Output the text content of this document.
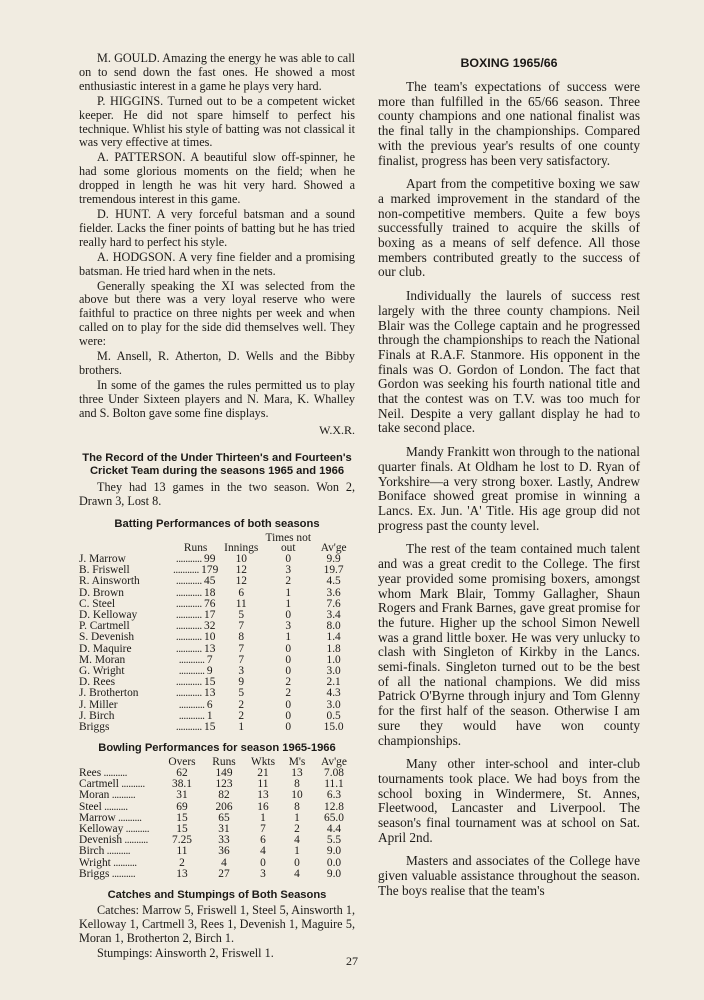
M. GOULD. Amazing the energy he was able to call on to send down the fast ones. He showed a most enthusiastic interest in a game he plays very hard.

P. HIGGINS. Turned out to be a competent wicket keeper. He did not spare himself to perfect his technique. Whlist his style of batting was not classical it was very effective at times.

A. PATTERSON. A beautiful slow off-spinner, he had some glorious moments on the field; when he dropped in length he was hit very hard. Showed a tremendous interest in this game.

D. HUNT. A very forceful batsman and a sound fielder. Lacks the finer points of batting but he has tried really hard to perfect his style.

A. HODGSON. A very fine fielder and a promising batsman. He tried hard when in the nets.

Generally speaking the XI was selected from the above but there was a very loyal reserve who were faithful to practice on three nights per week and when called on to play for the side did themselves well. They were:

M. Ansell, R. Atherton, D. Wells and the Bibby brothers.

In some of the games the rules permitted us to play three Under Sixteen players and N. Mara, K. Whalley and S. Bolton gave some fine displays.

W.X.R.
The Record of the Under Thirteen's and Fourteen's Cricket Team during the seasons 1965 and 1966

They had 13 games in the two season. Won 2, Drawn 3, Lost 8.

Batting Performances of both seasons
	Runs	Innings	Times not out	Av'ge
J. Marrow	........... 99	10	0	9.9
B. Friswell	........... 179	12	3	19.7
R. Ainsworth	........... 45	12	2	4.5
D. Brown	........... 18	6	1	3.6
C. Steel	........... 76	11	1	7.6
D. Kelloway	........... 17	5	0	3.4
P. Cartmell	........... 32	7	3	8.0
S. Devenish	........... 10	8	1	1.4
D. Maquire	........... 13	7	0	1.8
M. Moran	........... 7	7	0	1.0
G. Wright	........... 9	3	0	3.0
D. Rees	........... 15	9	2	2.1
J. Brotherton	........... 13	5	2	4.3
J. Miller	........... 6	2	0	3.0
J. Birch	........... 1	2	0	0.5
Briggs	........... 15	1	0	15.0
Bowling Performances for season 1965-1966
	Overs	Runs	Wkts	M's	Av'ge
Rees ..........	62	149	21	13	7.08
Cartmell ..........	38.1	123	11	8	11.1
Moran ..........	31	82	13	10	6.3
Steel ..........	69	206	16	8	12.8
Marrow ..........	15	65	1	1	65.0
Kelloway ..........	15	31	7	2	4.4
Devenish ..........	7.25	33	6	4	5.5
Birch ..........	11	36	4	1	9.0
Wright ..........	2	4	0	0	0.0
Briggs ..........	13	27	3	4	9.0
Catches and Stumpings of Both Seasons

Catches: Marrow 5, Friswell 1, Steel 5, Ainsworth 1, Kelloway 1, Cartmell 3, Rees 1, Devenish 1, Maguire 5, Moran 1, Brotherton 2, Birch 1.

Stumpings: Ainsworth 2, Friswell 1.

BOXING 1965/66

The team's expectations of success were more than fulfilled in the 65/66 season. Three county champions and one national finalist was the final tally in the championships. Compared with the previous year's results of one county finalist, progress has been very satisfactory.

Apart from the competitive boxing we saw a marked improvement in the standard of the non-competitive members. Quite a few boys successfully trained to acquire the skills of boxing as a means of self defence. All those members contributed greatly to the success of our club.

Individually the laurels of success rest largely with the three county champions. Neil Blair was the College captain and he progressed through the championships to reach the National Finals at R.A.F. Stanmore. His opponent in the finals was O. Gordon of London. The fact that Gordon was seeking his fourth national title and that the contest was on T.V. was too much for Neil. Despite a very gallant display he had to take second place.

Mandy Frankitt won through to the national quarter finals. At Oldham he lost to D. Ryan of Yorkshire—a very strong boxer. Lastly, Andrew Boniface showed great promise in winning a Lancs. Ex. Jun. 'A' Title. His age group did not progress past the county level.

The rest of the team contained much talent and was a great credit to the College. The first year provided some promising boxers, amongst whom Mark Blair, Tommy Gallagher, Shaun Rogers and Frank Barnes, gave great promise for the future. Higher up the school Simon Newell was a grand little boxer. He was very unlucky to clash with Singleton of Kirkby in the Lancs. semi-finals. Singleton turned out to be the best of all the national champions. We did miss Patrick O'Byrne through injury and Tom Glenny for the first half of the season. Otherwise I am sure they would have won county championships.

Many other inter-school and inter-club tournaments took place. We had boys from the school boxing in Windermere, St. Annes, Fleetwood, Lancaster and Liverpool. The season's final tournament was at school on Sat. April 2nd.

Masters and associates of the College have given valuable assistance throughout the season. The boys realise that the team's

27
